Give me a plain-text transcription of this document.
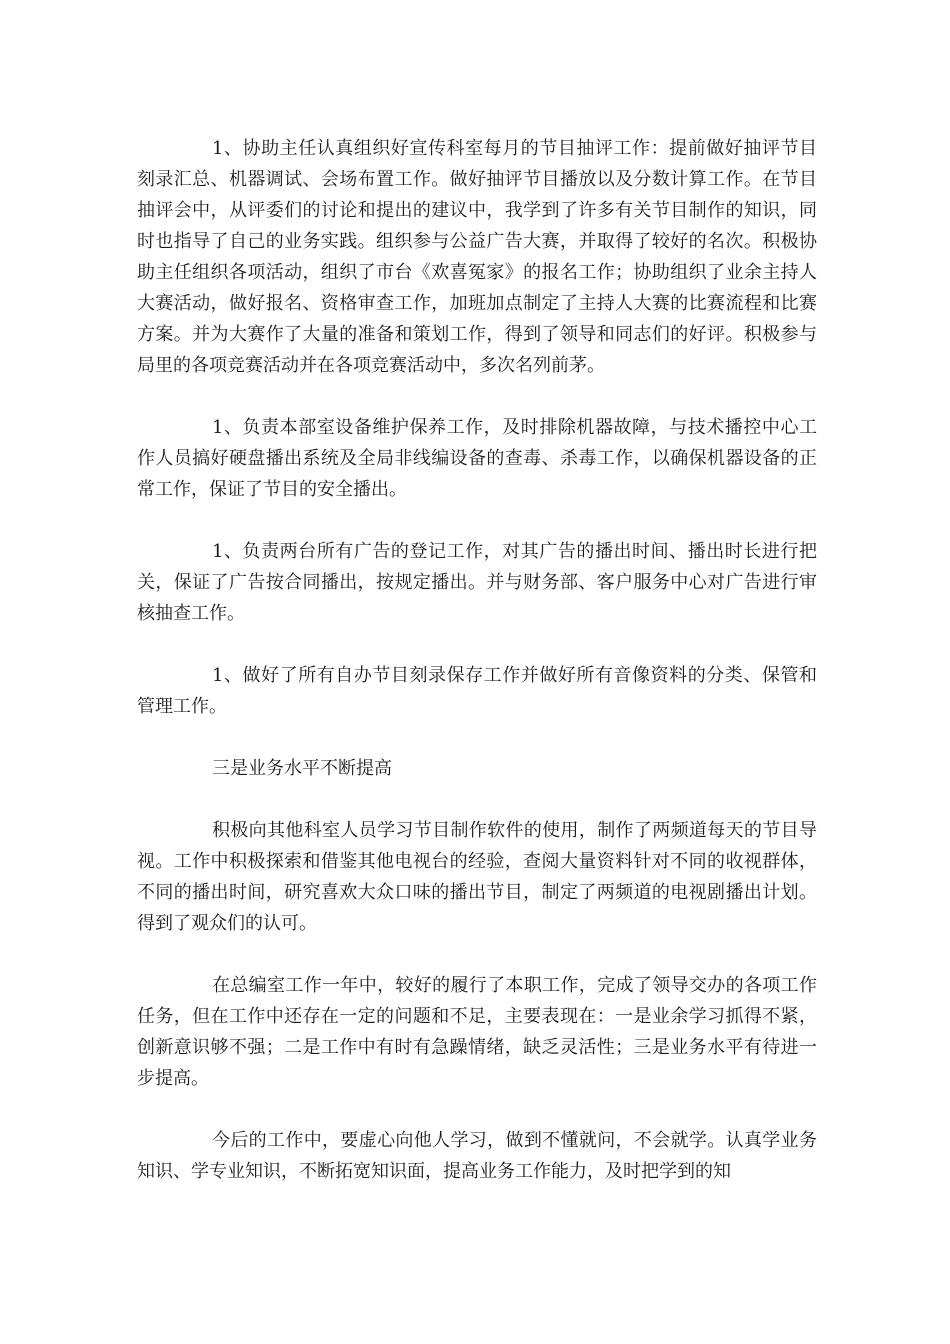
1、协助主任认真组织好宣传科室每月的节目抽评工作：提前做好抽评节目刻录汇总、机器调试、会场布置工作。做好抽评节目播放以及分数计算工作。在节目抽评会中，从评委们的讨论和提出的建议中，我学到了许多有关节目制作的知识，同时也指导了自己的业务实践。组织参与公益广告大赛，并取得了较好的名次。积极协助主任组织各项活动，组织了市台《欢喜冤家》的报名工作；协助组织了业余主持人大赛活动，做好报名、资格审查工作，加班加点制定了主持人大赛的比赛流程和比赛方案。并为大赛作了大量的准备和策划工作，得到了领导和同志们的好评。积极参与局里的各项竞赛活动并在各项竞赛活动中，多次名列前茅。

1、负责本部室设备维护保养工作，及时排除机器故障，与技术播控中心工作人员搞好硬盘播出系统及全局非线编设备的查毒、杀毒工作，以确保机器设备的正常工作，保证了节目的安全播出。

1、负责两台所有广告的登记工作，对其广告的播出时间、播出时长进行把关，保证了广告按合同播出，按规定播出。并与财务部、客户服务中心对广告进行审核抽查工作。

1、做好了所有自办节目刻录保存工作并做好所有音像资料的分类、保管和管理工作。

三是业务水平不断提高

积极向其他科室人员学习节目制作软件的使用，制作了两频道每天的节目导视。工作中积极探索和借鉴其他电视台的经验，查阅大量资料针对不同的收视群体，不同的播出时间，研究喜欢大众口味的播出节目，制定了两频道的电视剧播出计划。得到了观众们的认可。

在总编室工作一年中，较好的履行了本职工作，完成了领导交办的各项工作任务，但在工作中还存在一定的问题和不足，主要表现在：一是业余学习抓得不紧，创新意识够不强；二是工作中有时有急躁情绪，缺乏灵活性；三是业务水平有待进一步提高。

今后的工作中，要虚心向他人学习，做到不懂就问，不会就学。认真学业务知识、学专业知识，不断拓宽知识面，提高业务工作能力，及时把学到的知
